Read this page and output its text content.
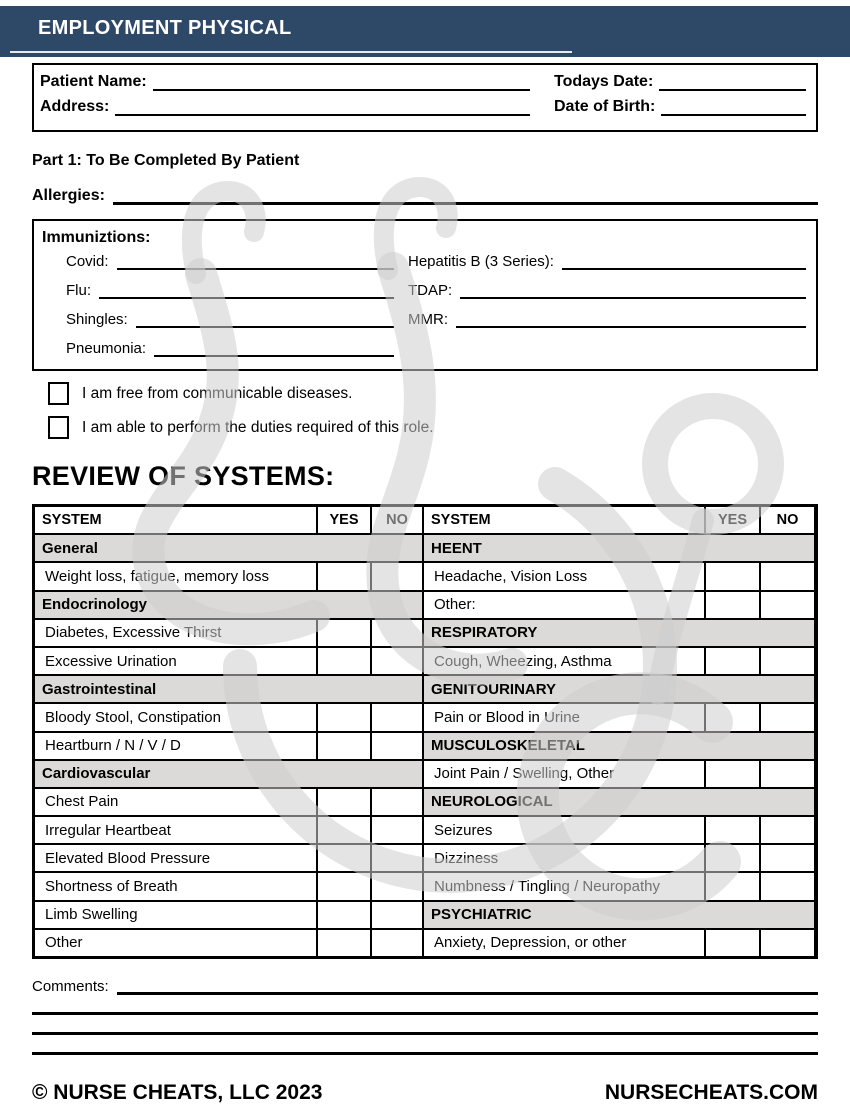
EMPLOYMENT PHYSICAL
Patient Name:	Todays Date:
Address:	Date of Birth:
Part 1: To Be Completed By Patient
Allergies:
Immuniztions:
Covid:	Hepatitis B (3 Series):
Flu:	TDAP:
Shingles:	MMR:
Pneumonia:
I am free from communicable diseases.
I am able to perform the duties required of this role.
REVIEW OF SYSTEMS:
SYSTEM	YES	NO	SYSTEM	YES	NO
General	HEENT
Weight loss, fatigue, memory loss	Headache, Vision Loss
Endocrinology	Other:
Diabetes, Excessive Thirst	RESPIRATORY
Excessive Urination	Cough, Wheezing, Asthma
Gastrointestinal	GENITOURINARY
Bloody Stool, Constipation	Pain or Blood in Urine
Heartburn / N / V / D	MUSCULOSKELETAL
Cardiovascular	Joint Pain / Swelling, Other
Chest Pain	NEUROLOGICAL
Irregular Heartbeat	Seizures
Elevated Blood Pressure	Dizziness
Shortness of Breath	Numbness / Tingling / Neuropathy
Limb Swelling	PSYCHIATRIC
Other	Anxiety, Depression, or other
Comments:
© NURSE CHEATS, LLC 2023	NURSECHEATS.COM
